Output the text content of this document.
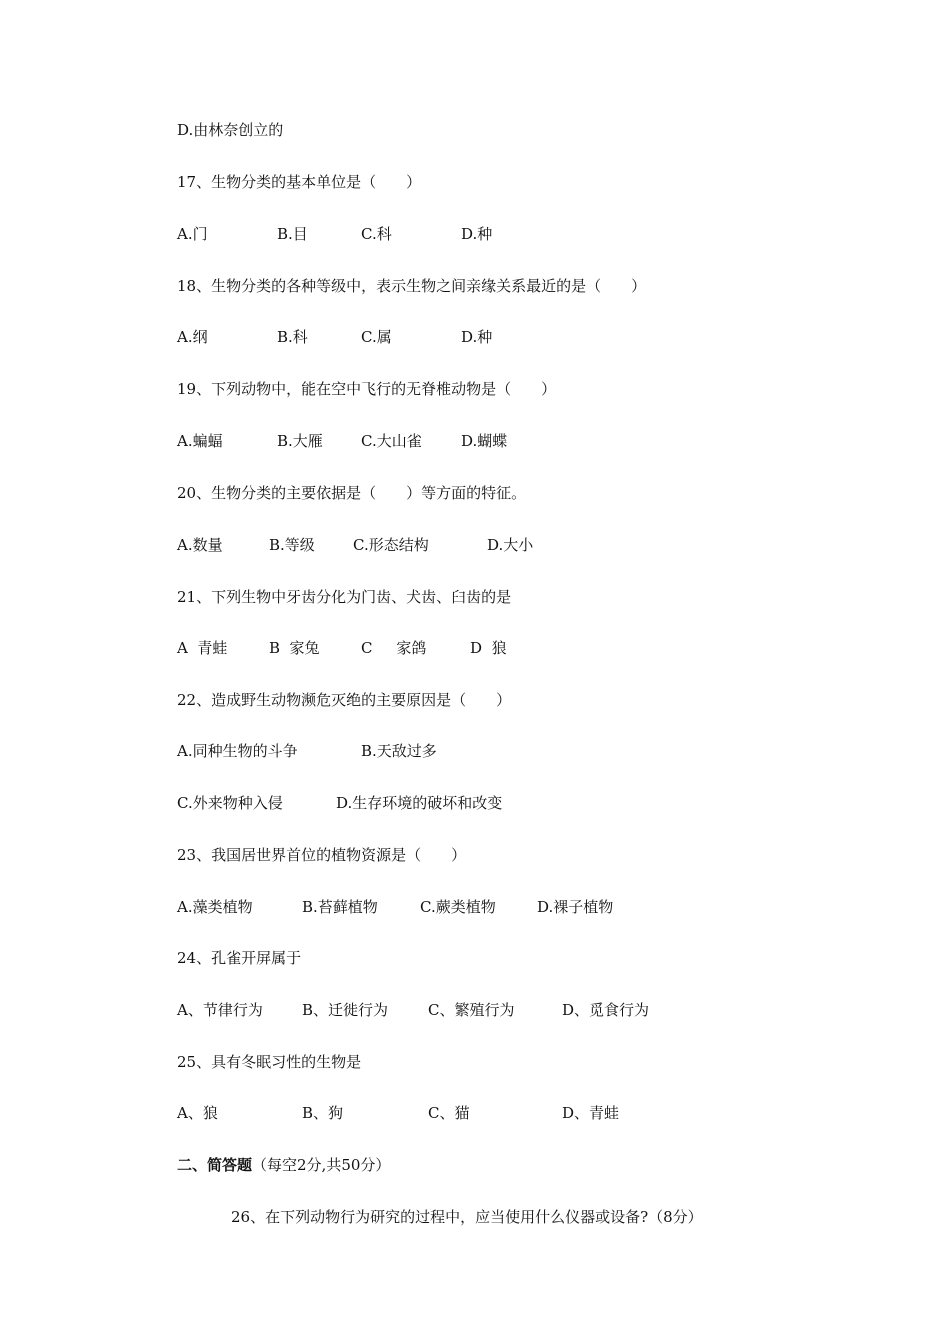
D.由林奈创立的
17、生物分类的基本单位是（　　）
A.门	B.目	C.科	D.种
18、生物分类的各种等级中，表示生物之间亲缘关系最近的是（　　）
A.纲	B.科	C.属	D.种
19、下列动物中，能在空中飞行的无脊椎动物是（　　）
A.蝙蝠	B.大雁	C.大山雀	D.蝴蝶
20、生物分类的主要依据是（　　）等方面的特征。
A.数量	B.等级	C.形态结构	D.大小
21、下列生物中牙齿分化为门齿、犬齿、臼齿的是
A  青蛙	B  家兔	C     家鸽	D  狼
22、造成野生动物濒危灭绝的主要原因是（　　）
A.同种生物的斗争	B.天敌过多
C.外来物种入侵	D.生存环境的破坏和改变
23、我国居世界首位的植物资源是（　　）
A.藻类植物	B.苔藓植物	C.蕨类植物	D.裸子植物
24、孔雀开屏属于
A、节律行为	B、迁徙行为	C、繁殖行为	D、觅食行为
25、具有冬眠习性的生物是
A、狼	B、狗	C、猫	D、青蛙
二、简答题（每空2分,共50分）
26、在下列动物行为研究的过程中，应当使用什么仪器或设备?（8分）
